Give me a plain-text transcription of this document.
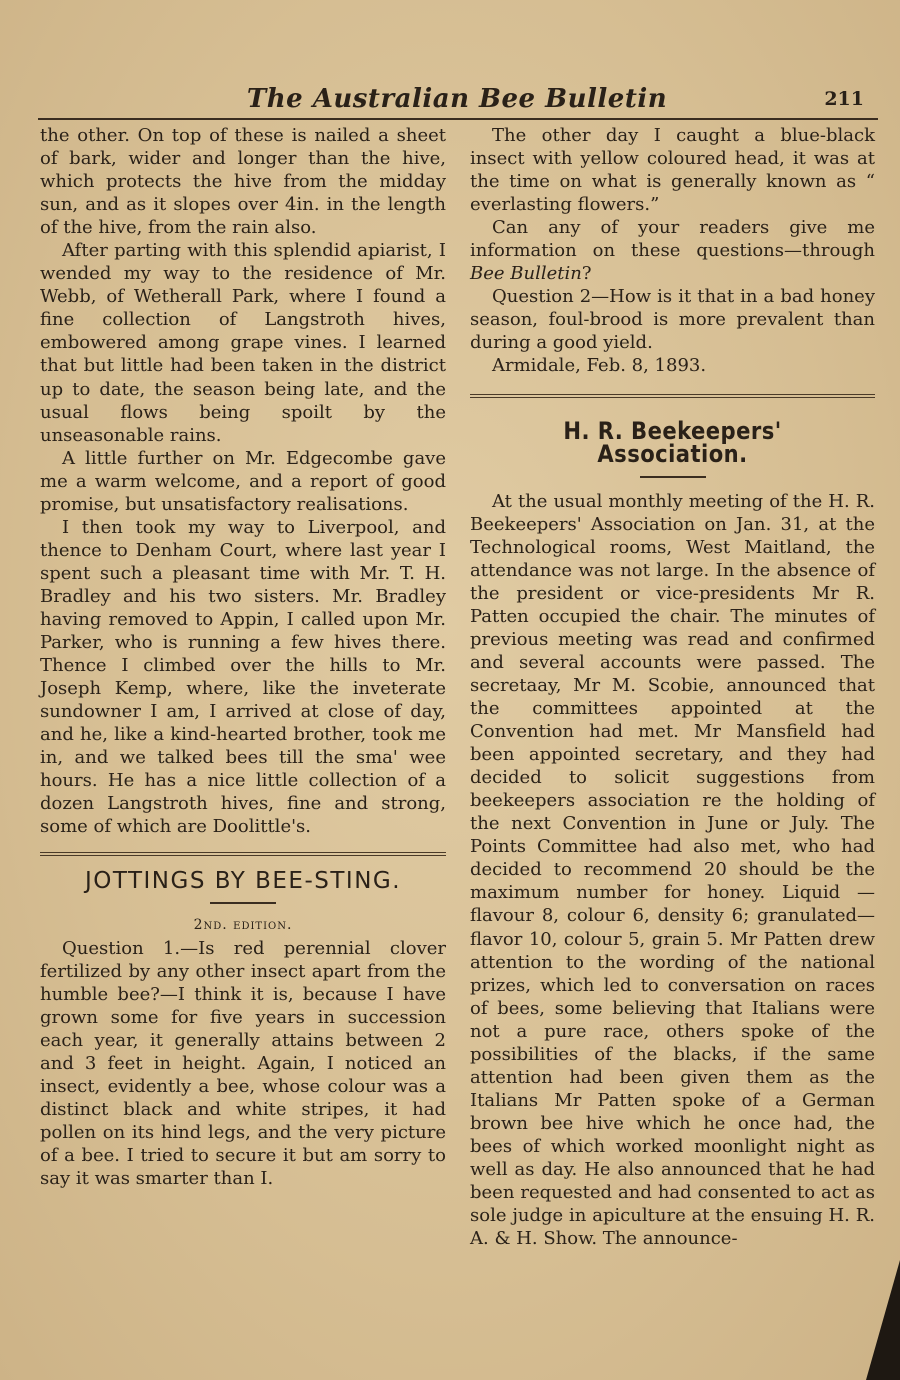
The Australian Bee Bulletin	211

the other. On top of these is nailed a sheet of bark, wider and longer than the hive, which protects the hive from the midday sun, and as it slopes over 4in. in the length of the hive, from the rain also.

After parting with this splendid apiarist, I wended my way to the residence of Mr. Webb, of Wetherall Park, where I found a fine collection of Langstroth hives, embowered among grape vines. I learned that but little had been taken in the district up to date, the season being late, and the usual flows being spoilt by the unseasonable rains.

A little further on Mr. Edgecombe gave me a warm welcome, and a report of good promise, but unsatisfactory realisations.

I then took my way to Liverpool, and thence to Denham Court, where last year I spent such a pleasant time with Mr. T. H. Bradley and his two sisters. Mr. Bradley having removed to Appin, I called upon Mr. Parker, who is running a few hives there. Thence I climbed over the hills to Mr. Joseph Kemp, where, like the inveterate sundowner I am, I arrived at close of day, and he, like a kind-hearted brother, took me in, and we talked bees till the sma' wee hours. He has a nice little collection of a dozen Langstroth hives, fine and strong, some of which are Doolittle's.

JOTTINGS BY BEE-STING.

2nd. edition.

Question 1.—Is red perennial clover fertilized by any other insect apart from the humble bee?—I think it is, because I have grown some for five years in succession each year, it generally attains between 2 and 3 feet in height. Again, I noticed an insect, evidently a bee, whose colour was a distinct black and white stripes, it had pollen on its hind legs, and the very picture of a bee. I tried to secure it but am sorry to say it was smarter than I.

The other day I caught a blue-black insect with yellow coloured head, it was at the time on what is generally known as “ everlasting flowers.”

Can any of your readers give me information on these questions—through Bee Bulletin?

Question 2—How is it that in a bad honey season, foul-brood is more prevalent than during a good yield.

Armidale, Feb. 8, 1893.

H. R. Beekeepers' Association.

At the usual monthly meeting of the H. R. Beekeepers' Association on Jan. 31, at the Technological rooms, West Maitland, the attendance was not large. In the absence of the president or vice-presidents Mr R. Patten occupied the chair. The minutes of previous meeting was read and confirmed and several accounts were passed. The secretaay, Mr M. Scobie, announced that the committees appointed at the Convention had met. Mr Mansfield had been appointed secretary, and they had decided to solicit suggestions from beekeepers association re the holding of the next Convention in June or July. The Points Committee had also met, who had decided to recommend 20 should be the maximum number for honey. Liquid —flavour 8, colour 6, density 6; granulated—flavor 10, colour 5, grain 5. Mr Patten drew attention to the wording of the national prizes, which led to conversation on races of bees, some believing that Italians were not a pure race, others spoke of the possibilities of the blacks, if the same attention had been given them as the Italians Mr Patten spoke of a German brown bee hive which he once had, the bees of which worked moonlight night as well as day. He also announced that he had been requested and had consented to act as sole judge in apiculture at the ensuing H. R. A. & H. Show. The announce-
